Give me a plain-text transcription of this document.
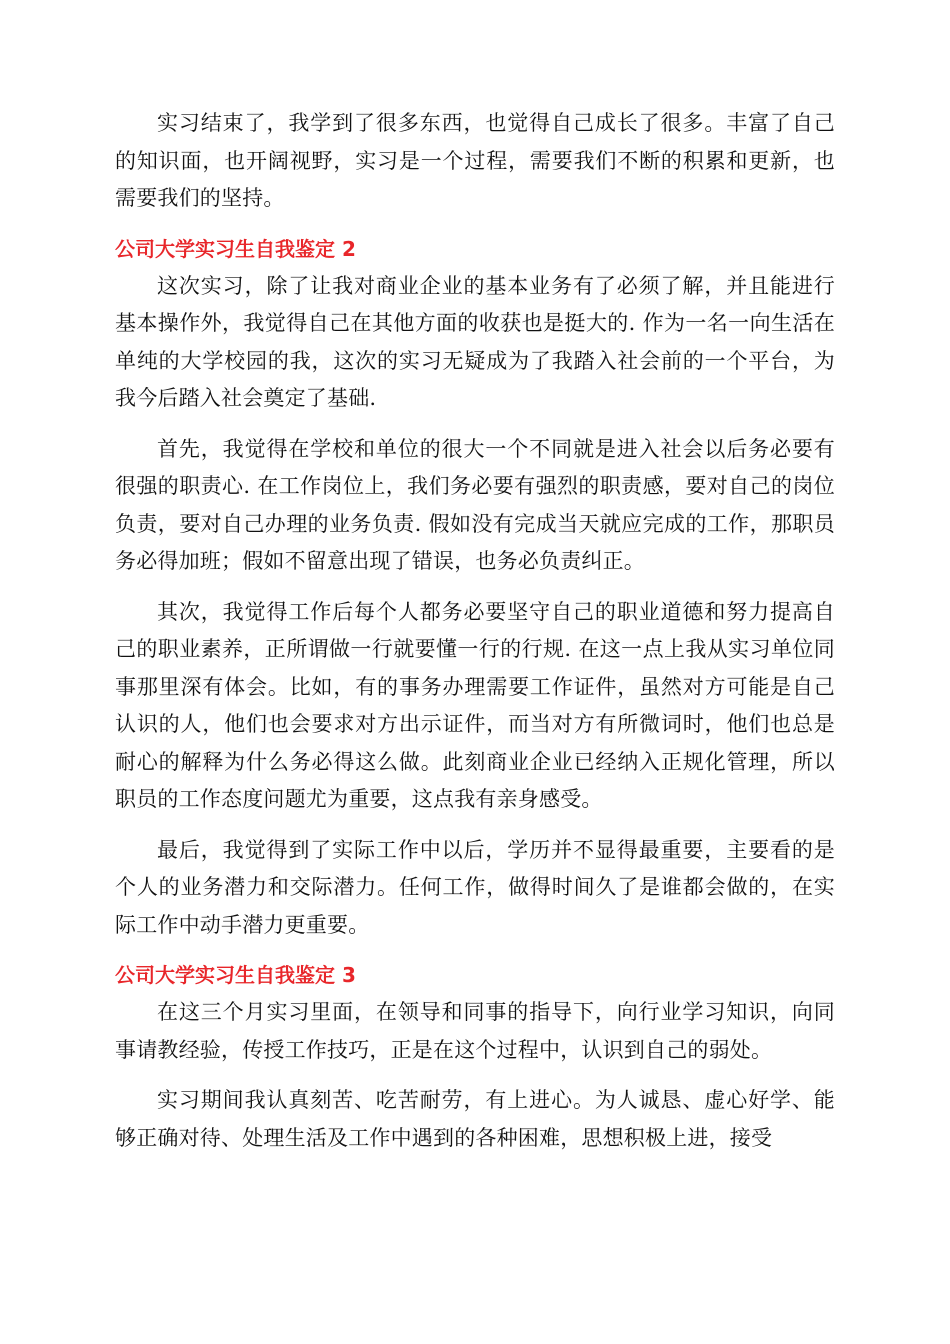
实习结束了，我学到了很多东西，也觉得自己成长了很多。丰富了自己的知识面，也开阔视野，实习是一个过程，需要我们不断的积累和更新，也需要我们的坚持。

公司大学实习生自我鉴定 2

这次实习，除了让我对商业企业的基本业务有了必须了解，并且能进行基本操作外，我觉得自己在其他方面的收获也是挺大的. 作为一名一向生活在单纯的大学校园的我，这次的实习无疑成为了我踏入社会前的一个平台，为我今后踏入社会奠定了基础.

首先，我觉得在学校和单位的很大一个不同就是进入社会以后务必要有很强的职责心. 在工作岗位上，我们务必要有强烈的职责感，要对自己的岗位负责，要对自己办理的业务负责. 假如没有完成当天就应完成的工作，那职员务必得加班；假如不留意出现了错误，也务必负责纠正。

其次，我觉得工作后每个人都务必要坚守自己的职业道德和努力提高自己的职业素养，正所谓做一行就要懂一行的行规. 在这一点上我从实习单位同事那里深有体会。比如，有的事务办理需要工作证件，虽然对方可能是自己认识的人，他们也会要求对方出示证件，而当对方有所微词时，他们也总是耐心的解释为什么务必得这么做。此刻商业企业已经纳入正规化管理，所以职员的工作态度问题尤为重要，这点我有亲身感受。

最后，我觉得到了实际工作中以后，学历并不显得最重要，主要看的是个人的业务潜力和交际潜力。任何工作，做得时间久了是谁都会做的，在实际工作中动手潜力更重要。

公司大学实习生自我鉴定 3

在这三个月实习里面，在领导和同事的指导下，向行业学习知识，向同事请教经验，传授工作技巧，正是在这个过程中，认识到自己的弱处。

实习期间我认真刻苦、吃苦耐劳，有上进心。为人诚恳、虚心好学、能够正确对待、处理生活及工作中遇到的各种困难，思想积极上进，接受
